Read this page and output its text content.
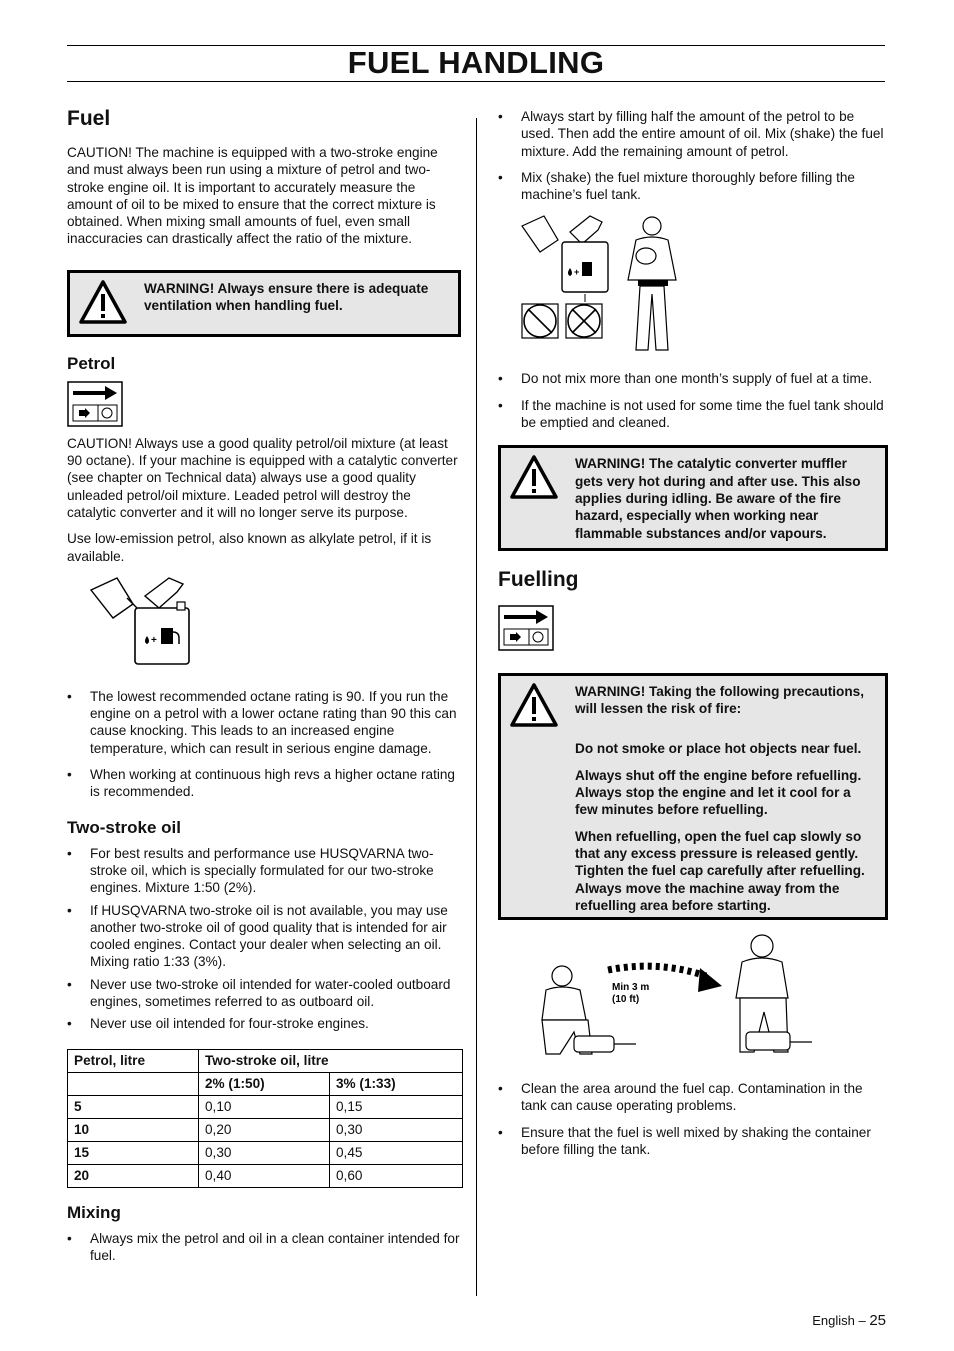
FUEL HANDLING
Fuel

CAUTION! The machine is equipped with a two-stroke engine and must always been run using a mixture of petrol and two-stroke engine oil. It is important to accurately measure the amount of oil to be mixed to ensure that the correct mixture is obtained. When mixing small amounts of fuel, even small inaccuracies can drastically affect the ratio of the mixture.

WARNING! Always ensure there is adequate ventilation when handling fuel.
Petrol

CAUTION! Always use a good quality petrol/oil mixture (at least 90 octane). If your machine is equipped with a catalytic converter (see chapter on Technical data) always use a good quality unleaded petrol/oil mixture. Leaded petrol will destroy the catalytic converter and it will no longer serve its purpose.

Use low-emission petrol, also known as alkylate petrol, if it is available.

+
• The lowest recommended octane rating is 90. If you run the engine on a petrol with a lower octane rating than 90 this can cause knocking. This leads to an increased engine temperature, which can result in serious engine damage.
• When working at continuous high revs a higher octane rating is recommended.
Two-stroke oil
• For best results and performance use HUSQVARNA two-stroke oil, which is specially formulated for our two-stroke engines. Mixture 1:50 (2%).
• If HUSQVARNA two-stroke oil is not available, you may use another two-stroke oil of good quality that is intended for air cooled engines. Contact your dealer when selecting an oil. Mixing ratio 1:33 (3%).
• Never use two-stroke oil intended for water-cooled outboard engines, sometimes referred to as outboard oil.
• Never use oil intended for four-stroke engines.
Petrol, litre	Two-stroke oil, litre	
	2% (1:50)	3% (1:33)
5	0,10	0,15
10	0,20	0,30
15	0,30	0,45
20	0,40	0,60
Mixing
• Always mix the petrol and oil in a clean container intended for fuel.
• Always start by filling half the amount of the petrol to be used. Then add the entire amount of oil. Mix (shake) the fuel mixture. Add the remaining amount of petrol.
• Mix (shake) the fuel mixture thoroughly before filling the machine’s fuel tank.
+
• Do not mix more than one month’s supply of fuel at a time.
• If the machine is not used for some time the fuel tank should be emptied and cleaned.
WARNING! The catalytic converter muffler gets very hot during and after use. This also applies during idling. Be aware of the fire hazard, especially when working near flammable substances and/or vapours.
Fuelling
WARNING! Taking the following precautions, will lessen the risk of fire:
Do not smoke or place hot objects near fuel.
Always shut off the engine before refuelling. Always stop the engine and let it cool for a few minutes before refuelling.
When refuelling, open the fuel cap slowly so that any excess pressure is released gently. Tighten the fuel cap carefully after refuelling. Always move the machine away from the refuelling area before starting.
Min 3 m
(10 ft)
• Clean the area around the fuel cap. Contamination in the tank can cause operating problems.
• Ensure that the fuel is well mixed by shaking the container before filling the tank.
English – 25
